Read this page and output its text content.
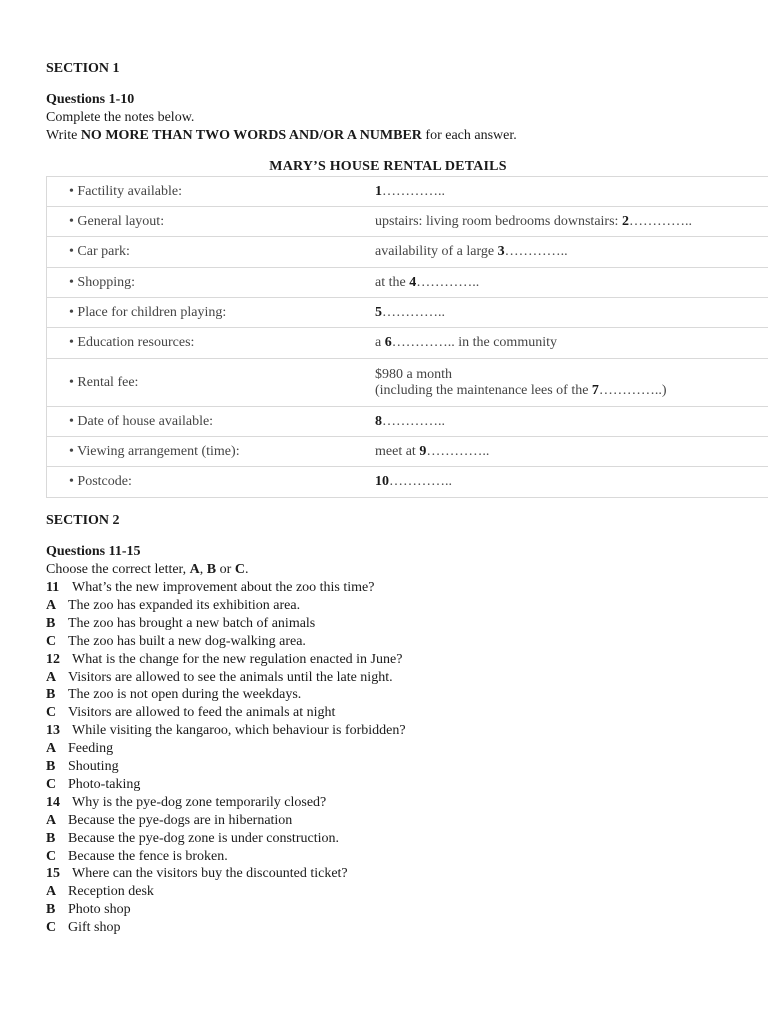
SECTION 1
Questions 1-10
Complete the notes below.
Write NO MORE THAN TWO WORDS AND/OR A NUMBER for each answer.
MARY’S HOUSE RENTAL DETAILS
• Factility available:	1…………..
• General layout:	upstairs: living room bedrooms downstairs: 2…………..
• Car park:	availability of a large 3…………..
• Shopping:	at the 4…………..
• Place for children playing:	5…………..
• Education resources:	a 6………….. in the community
• Rental fee:	$980 a month
(including the maintenance lees of the 7…………..)
• Date of house available:	8…………..
• Viewing arrangement (time):	meet at 9…………..
• Postcode:	10…………..
SECTION 2
Questions 11-15
Choose the correct letter, A, B or C.
11 What’s the new improvement about the zoo this time?
A The zoo has expanded its exhibition area.
B The zoo has brought a new batch of animals
C The zoo has built a new dog-walking area.
12 What is the change for the new regulation enacted in June?
A Visitors are allowed to see the animals until the late night.
B The zoo is not open during the weekdays.
C Visitors are allowed to feed the animals at night
13 While visiting the kangaroo, which behaviour is forbidden?
A Feeding
B Shouting
C Photo-taking
14 Why is the pye-dog zone temporarily closed?
A Because the pye-dogs are in hibernation
B Because the pye-dog zone is under construction.
C Because the fence is broken.
15 Where can the visitors buy the discounted ticket?
A Reception desk
B Photo shop
C Gift shop
